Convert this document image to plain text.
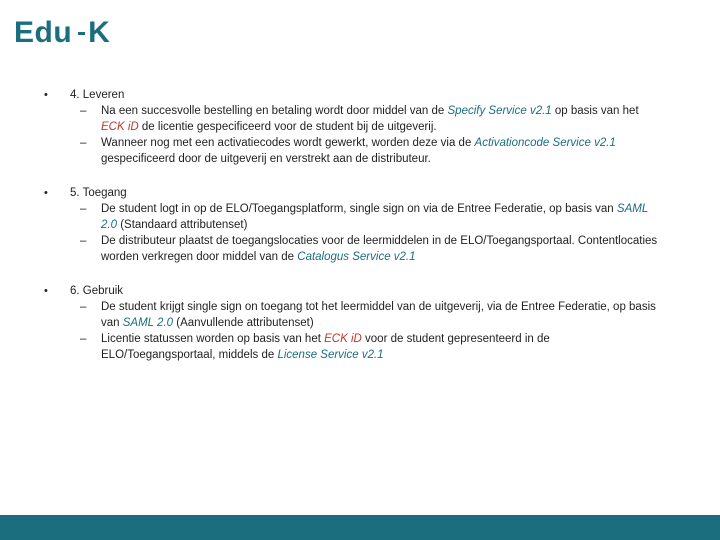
Edu K
• 4. Leveren
– Na een succesvolle bestelling en betaling wordt door middel van de Specify Service v2.1 op basis van het ECK iD de licentie gespecificeerd voor de student bij de uitgeverij.
– Wanneer nog met een activatiecodes wordt gewerkt, worden deze via de Activationcode Service v2.1 gespecificeerd door de uitgeverij en verstrekt aan de distributeur.
• 5. Toegang
– De student logt in op de ELO/Toegangsplatform, single sign on via de Entree Federatie, op basis van SAML 2.0 (Standaard attributenset)
– De distributeur plaatst de toegangslocaties voor de leermiddelen in de ELO/Toegangsportaal. Contentlocaties worden verkregen door middel van de Catalogus Service v2.1
• 6. Gebruik
– De student krijgt single sign on toegang tot het leermiddel van de uitgeverij, via de Entree Federatie, op basis van SAML 2.0 (Aanvullende attributenset)
– Licentie statussen worden op basis van het ECK iD voor de student gepresenteerd in de ELO/Toegangsportaal, middels de License Service v2.1
